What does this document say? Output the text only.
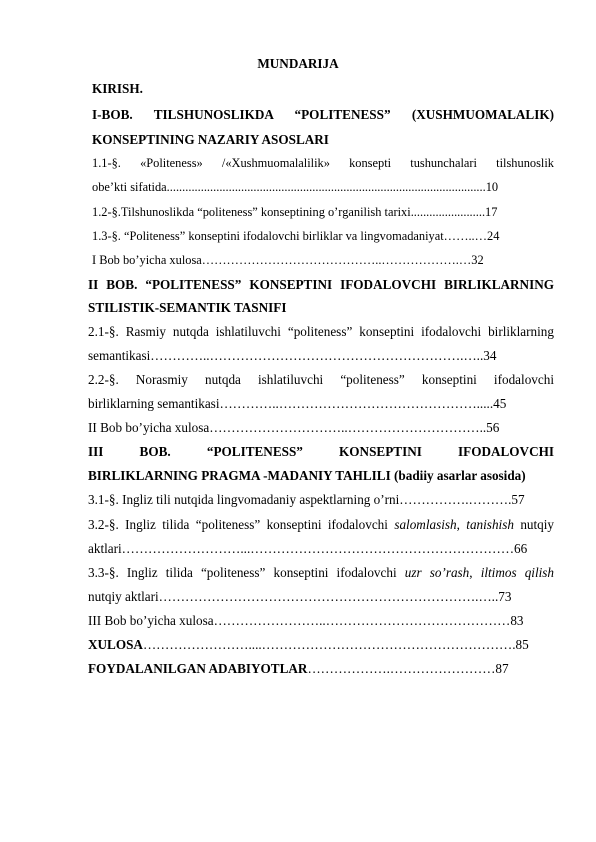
MUNDARIJA
KIRISH.
I-BOB. TILSHUNOSLIKDA “POLITENESS” (XUSHMUOMALALIK)
KONSEPTINING NAZARIY ASOSLARI
1.1-§. «Politeness» /«Xushmuomalalilik» konsepti tushunchalari tilshunoslik
obe’kti sifatida.......................................................................................................10
1.2-§.Tilshunoslikda “politeness” konseptining o’rganilish tarixi........................17
1.3-§. “Politeness” konseptini ifodalovchi birliklar va lingvomadaniyat……..…24
I Bob bo’yicha xulosa……………………………………..……………….…32
II BOB. “POLITENESS” KONSEPTINI IFODALOVCHI BIRLIKLARNING
STILISTIK-SEMANTIK TASNIFI
2.1-§. Rasmiy nutqda ishlatiluvchi “politeness” konseptini ifodalovchi birliklarning
semantikasi…………..………………………………………………….…..34
2.2-§. Norasmiy nutqda ishlatiluvchi “politeness” konseptini ifodalovchi
birliklarning semantikasi…………..……………………………………….....45
II Bob bo’yicha xulosa…………………………..…………………………..56
III BOB. “POLITENESS” KONSEPTINI IFODALOVCHI
BIRLIKLARNING PRAGMA -MADANIY TAHLILI (badiiy asarlar asosida)
3.1-§. Ingliz tili nutqida lingvomadaniy aspektlarning o’rni…………….……….57
3.2-§. Ingliz tilida “politeness” konseptini ifodalovchi salomlasish, tanishish nutqiy
aktlari………………………...……………………………………………………66
3.3-§. Ingliz tilida “politeness” konseptini ifodalovchi uzr so’rash, iltimos qilish
nutqiy aktlari……………………………………………………………….…..73
III Bob bo’yicha xulosa……………………..……………………………………83
XULOSA……………………....………………………………………………….85
FOYDALANILGAN ADABIYOTLAR……………….……………………87
